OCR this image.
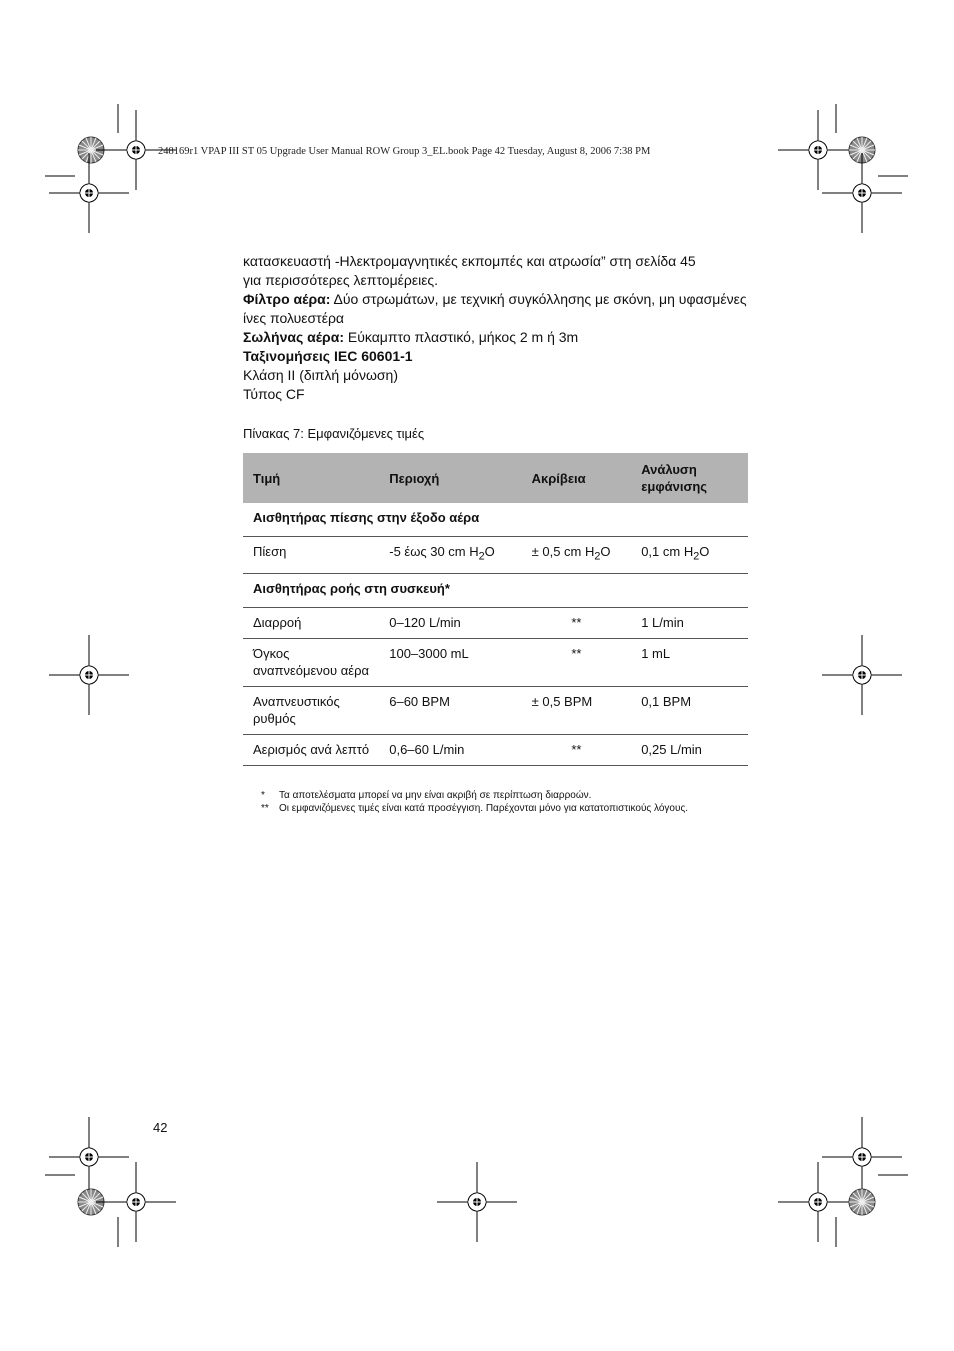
248169r1 VPAP III ST 05 Upgrade User Manual ROW Group 3_EL.book Page 42 Tuesday, August 8, 2006 7:38 PM

κατασκευαστή -Ηλεκτρομαγνητικές εκπομπές και ατρωσία” στη σελίδα 45
για περισσότερες λεπτομέρειες.

Φίλτρο αέρα: Δύο στρωμάτων, με τεχνική συγκόλλησης με σκόνη, μη υφασμένες ίνες πολυεστέρα

Σωλήνας αέρα: Εύκαμπτο πλαστικό, μήκος 2 m ή 3m

Ταξινομήσεις IEC 60601-1

Κλάση II (διπλή μόνωση)

Τύπος CF

Πίνακας 7: Εμφανιζόμενες τιμές
Τιμή	Περιοχή	Ακρίβεια	Ανάλυση εμφάνισης
Αισθητήρας πίεσης στην έξοδο αέρα			
Πίεση	-5 έως 30 cm $H_2O$	± 0,5 cm $H_2O$	0,1 cm $H_2O$
Αισθητήρας ροής στη συσκευή*			
Διαρροή	0–120 L/min	**	1 L/min
Όγκος αναπνεόμενου αέρα	100–3000 mL	**	1 mL
Αναπνευστικός ρυθμός	6–60 BPM	± 0,5 BPM	0,1 BPM
Αερισμός ανά λεπτό	0,6–60 L/min	**	0,25 L/min
*	Τα αποτελέσματα μπορεί να μην είναι ακριβή σε περίπτωση διαρροών.
**	Οι εμφανιζόμενες τιμές είναι κατά προσέγγιση. Παρέχονται μόνο για κατατοπιστικούς λόγους.
42
